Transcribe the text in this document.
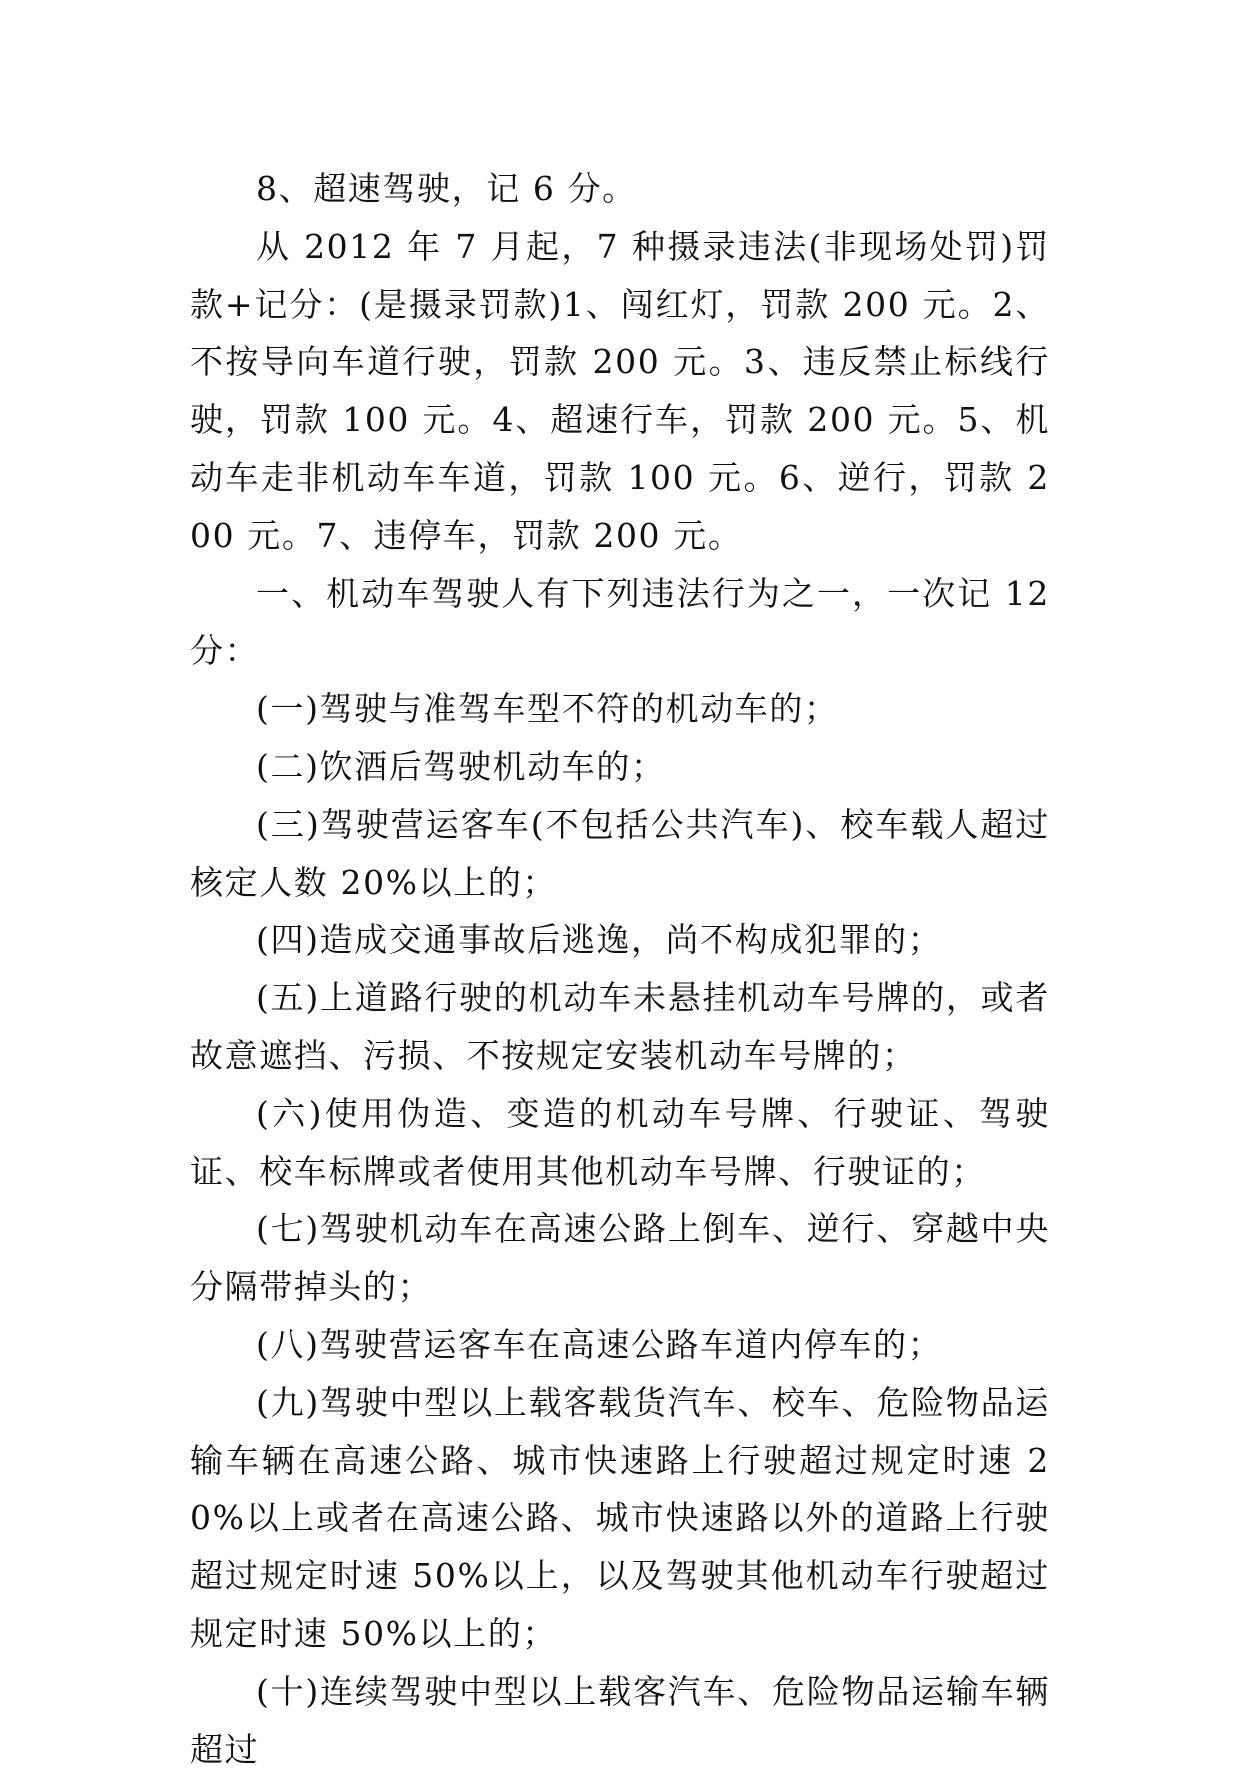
8、超速驾驶，记 6 分。

从 2012 年 7 月起，7 种摄录违法(非现场处罚)罚款+记分：(是摄录罚款)1、闯红灯，罚款 200 元。2、不按导向车道行驶，罚款 200 元。3、违反禁止标线行驶，罚款 100 元。4、超速行车，罚款 200 元。5、机动车走非机动车车道，罚款 100 元。6、逆行，罚款 200 元。7、违停车，罚款 200 元。

一、机动车驾驶人有下列违法行为之一，一次记 12 分：

(一)驾驶与准驾车型不符的机动车的；

(二)饮酒后驾驶机动车的；

(三)驾驶营运客车(不包括公共汽车)、校车载人超过核定人数 20%以上的；

(四)造成交通事故后逃逸，尚不构成犯罪的；

(五)上道路行驶的机动车未悬挂机动车号牌的，或者故意遮挡、污损、不按规定安装机动车号牌的；

(六)使用伪造、变造的机动车号牌、行驶证、驾驶证、校车标牌或者使用其他机动车号牌、行驶证的；

(七)驾驶机动车在高速公路上倒车、逆行、穿越中央分隔带掉头的；

(八)驾驶营运客车在高速公路车道内停车的；

(九)驾驶中型以上载客载货汽车、校车、危险物品运输车辆在高速公路、城市快速路上行驶超过规定时速 20%以上或者在高速公路、城市快速路以外的道路上行驶超过规定时速 50%以上，以及驾驶其他机动车行驶超过规定时速 50%以上的；

(十)连续驾驶中型以上载客汽车、危险物品运输车辆超过
